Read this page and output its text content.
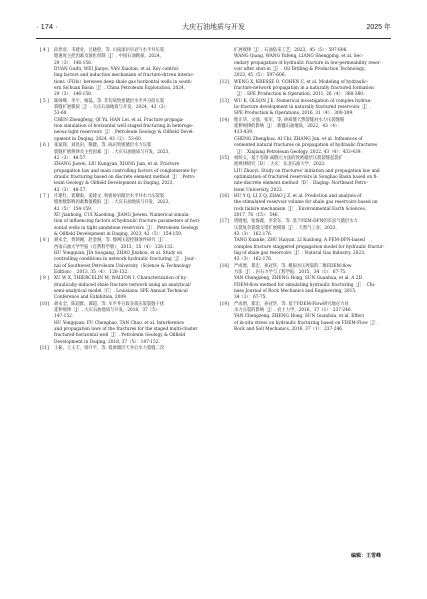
· 174 ·	大庆石油地质与开发	2025 年
[ 4 ] 段贵府，韦建业，吕晓伦，等. 川南深层页岩气水平井压裂

缝速度主控因素及演化机制［J］. 中国石油勘探，2024，

29（3）：146-158.

DUAN Guifu, WEI Jianye, YAN Xiaolun, et al. Key control-

ling factors and induction mechanism of fracture-driven interac-

tions（FDIs）between deep shale gas horizontal wells in south-

ern Sichuan Basin［J］. China Petroleum Exploration, 2024,

29（3）：146-158.

[ 5 ] 陈师峰，李宇，杨磊，等. 非均质致密储层水平井分段压裂

裂缝扩展模拟［J］. 大庆石油地质与开发，2024，43（2）：

53-60.

CHEN Zhengfeng, QI Yu, HAN Lei, et al. Fracture propaga-

tion simulation of horizontal well staged fracturing in heteroge-

neous tight reservoirs［J］. Petroleum Geology & Oilfield Devel-

opment in Daqing, 2024, 43（2）：53-60.

[ 6 ] 张家锋，刘昆岩，熊健，等. 砾岩致密储层水力压裂

裂缝扩展规律及主控因素［J］. 大庆石油地质与开发，2023，

42（3）：48-57.

ZHANG Jiawei, LIU Kungyan, XIONG Jian, et al. Fracture

propagation law and main controlling factors of conglomerate hy-

draulic fracturing based on discrete element method［J］. Petro-

leum Geology & Oilfield Development in Daqing, 2023,

42（3）：48-57.

[ 7 ] 许建红，崔耀東，姜建文. 致密砂岩储层水平井水力压裂裂

缝参数影响因素数值模拟［J］. 大庆石油地质与开发，2023，

42（5）：154-159.

XU Jianhong, CUI Xiaodong, JIANG Jiewen. Numerical simula-

tion of influencing factors of hydraulic fracture parameters of hori-

zontal wells in tight sandstone reservoirs［J］. Petroleum Geology

& Oilfield Development in Daqing, 2023, 42（5）：154-159.

[ 8 ] 胡永全，贾锁刚，赵金洲，等. 缝网压裂控制条件研究［J］.

西南石油大学学报（自然科学版），2013，35（4）：126-132.

HU Yongquan, JIA Suogang, ZHAO Jinzhou, et al. Study on

controlling conditions in network hydraulic fracturing［J］. Jour-

nal of Southwest Petroleum University（Science & Technology

Edition）, 2013, 35（4）：126-132.

[ 9 ] XU W X, THIERCELIN M, WALTON I. Characterization of hy-

draulically-induced shale fracture network using an analytical/

semi-analytical model［C］. Louisiana: SPE Annual Technical

Conference and Exhibition, 2009.

[10] 胡永全，陈超群，谭超，等. 水平井分段多簇压裂裂缝干扰

延伸规律［J］. 大庆石油地质与开发，2018，37（5）：

147-152.

HU Yongquan, FU Chenghao, TAN Chao, et al. Interference

and propagation laws of the fractures for the staged multi-cluster

fractured horizontal well［J］. Petroleum Geology & Oilfield

Development in Daqing, 2018, 37（5）：147-152.

[11] 王振，王玉丰，梁升平，等. 低渗储层天井后水力裂缝二次

扩展规律［J］. 石油钻采工艺，2023，45（5）：597-606.

WANG Qiang, WANG Yufeng, LIANG Shengping, et al. Sec-

ondary propagation of hydraulic fracture in low-permeability reser-

voir after shut-in［J］. Oil Drilling & Production Technology,

2023, 45（5）：597-606.

[12] WENG X, KRESSE O, COHEN C, et al. Modeling of hydraulic-

fracture-network propagation in a naturally fractured formation

［J］. SPE Production & Operation, 2011, 26（4）：368-380.

[13] WU K, OLSON J E. Numerical investigation of complex hydrau-

lic-fracture development in naturally fractured reservoirs［J］.

SPE Production & Operations, 2016, 31（4）：300-309.

[14] 程正华，文强，张军，等. 砂质缝天然裂缝对水力压裂缝缝

延伸规律的影响［J］. 新疆石油地质，2022，43（4）：

433-439.

CHENG Zhenghua, AI Chi, ZHANG Jun, et al. Influences of

cemented natural fractures on propagation of hydraulic fractures

［J］. Xinjiang Petroleum Geology, 2022, 43（4）：433-439.

[15] 祝明义，基于有限-离散元方法的致密储层压裂裂缝起裂扩

展规律研究［D］. 大庆：东北石油大学，2022.

LIU Zhuoyi. Study on fractures' initiation and propagation law and

optimization of fractured reservoirs in Songliao Basin based on fi-

nite-discrete element method［D］. Daqing: Northeast Petro-

leum University, 2022.

[16] HU Y Q, LI Z Q, ZHAO J Z. et al. Prediction and analysis of

the stimulated reservoir volume for shale gas reservoirs based on

rock failure mechanism［J］. Environmental Earth Sciences,

2017, 76（15）：546.

[17] 唐晓旭，张海鑫，李金东，等. 基于FEM-DFN的页岩气储层水力

压裂复杂裂缝交错扩展模拟［J］. 天然气工业，2023，

43（3）：162-176.

TANG Xuanke, ZHU Haiyan, LI Kuidong. A FEM-DFN-based

complex fracture staggered propagation model for hydraulic fractur-

ing of shale gas reservoirs［J］. Natural Gas Industry, 2023,

43（3）：162-176.

[18] 严成增，郑宏，孙冠华，等. 模拟水压致裂的二维FDEM-flow

方法［J］. 岩石力学与工程学报，2015，34（1）：67-75.

YAN Chengzeng, ZHENG Hong, SUN Guanhua, et al. A 2D

FDEM-flow method for simulating hydraulic fracturing［J］. Chi-

nese Journal of Rock Mechanics and Engineering, 2015,

34（1）：67-75.

[19] 严成增，郑宏，孙冠华，等. 基于FDEM-Flow研究地应力对

水力压裂的影响［J］. 岩土力学，2016，37（1）：237-246.

YAN Chengzeng, ZHENG Hong, SUN Guanhua, et al. Effect

of in-situ stress on hydraulic fracturing based on FDEM-Flow［J］.

Rock and Soil Mechanics, 2016, 37（1）：237-246.

编辑：王雪峰
